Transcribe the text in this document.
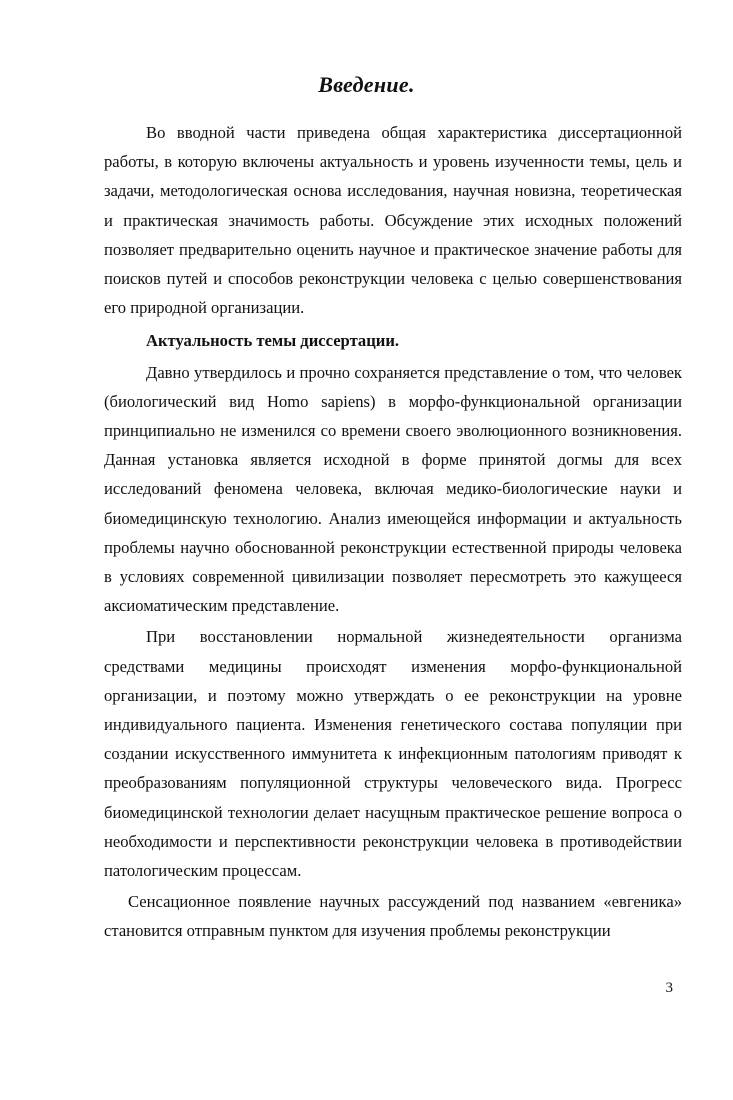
Введение.

Во вводной части приведена общая характеристика диссертационной работы, в которую включены актуальность и уровень изученности темы, цель и задачи, методологическая основа исследования, научная новизна, теоретическая и практическая значимость работы. Обсуждение этих исходных положений позволяет предварительно оценить научное и практическое значение работы для поисков путей и способов реконструкции человека с целью совершенствования его природной организации.

Актуальность темы диссертации.

Давно утвердилось и прочно сохраняется представление о том, что человек (биологический вид Homo sapiens) в морфо-функциональной организации принципиально не изменился со времени своего эволюционного возникновения. Данная установка является исходной в форме принятой догмы для всех исследований феномена человека, включая медико-биологические науки и биомедицинскую технологию. Анализ имеющейся информации и актуальность проблемы научно обоснованной реконструкции естественной природы человека в условиях современной цивилизации позволяет пересмотреть это кажущееся аксиоматическим представление.

При восстановлении нормальной жизнедеятельности организма средствами медицины происходят изменения морфо-функциональной организации, и поэтому можно утверждать о ее реконструкции на уровне индивидуального пациента. Изменения генетического состава популяции при создании искусственного иммунитета к инфекционным патологиям приводят к преобразованиям популяционной структуры человеческого вида. Прогресс биомедицинской технологии делает насущным практическое решение вопроса о необходимости и перспективности реконструкции человека в противодействии патологическим процессам.

Сенсационное появление научных рассуждений под названием «евгеника» становится отправным пунктом для изучения проблемы реконструкции

3
